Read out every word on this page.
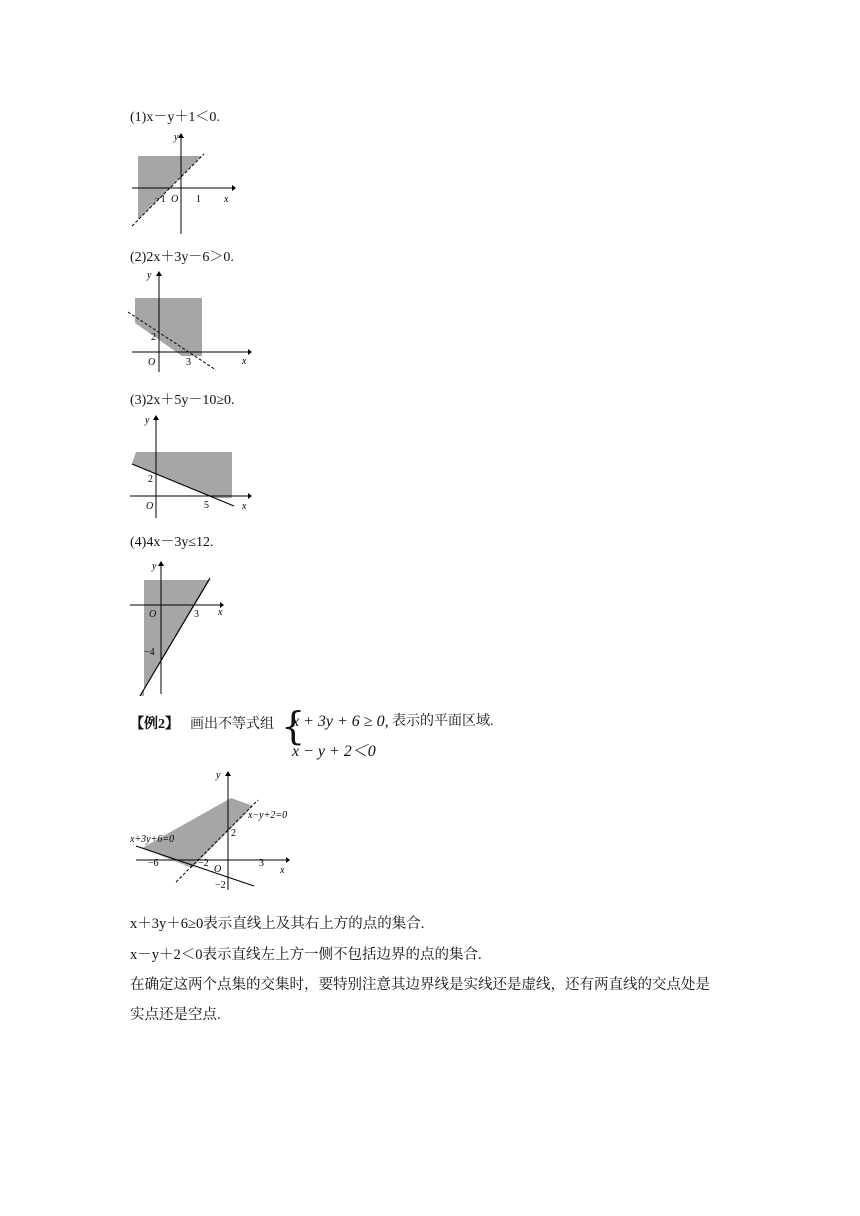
(1)x－y＋1＜0.
y
x
O
−1	1
(2)2x＋3y－6＞0.
y
x
O
2
3
(3)2x＋5y－10≥0.
y
x
O
2
5
(4)4x－3y≤12.
y
x
O	3
−4
【例2】 画出不等式组 {
x + 3y + 6 ≥ 0,
x − y + 2＜0
表示的平面区域.
y
x
O
−6	−2	3
2
−2
x+3y+6=0
x−y+2=0
x＋3y＋6≥0表示直线上及其右上方的点的集合.
x－y＋2＜0表示直线左上方一侧不包括边界的点的集合.
在确定这两个点集的交集时，要特别注意其边界线是实线还是虚线，还有两直线的交点处是
实点还是空点.
